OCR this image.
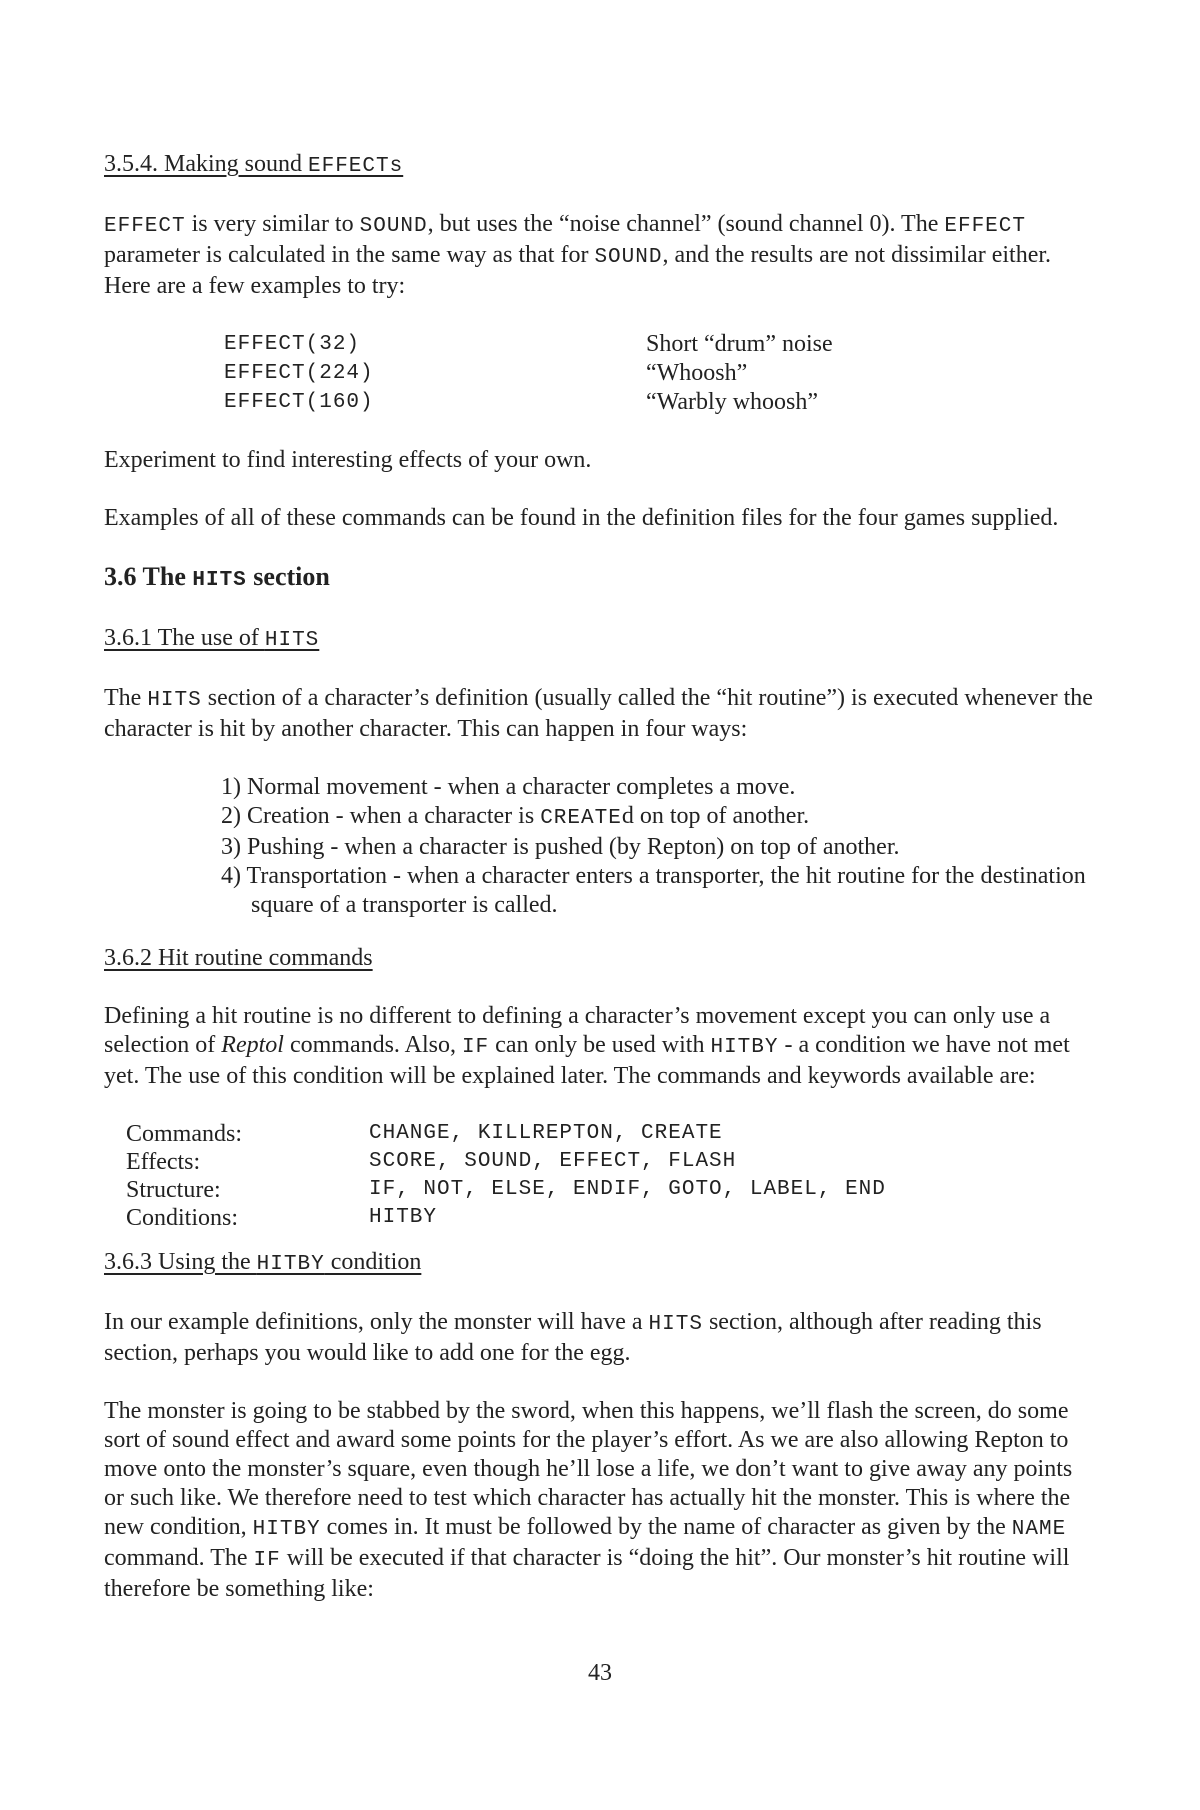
3.5.4. Making sound EFFECTs

EFFECT is very similar to SOUND, but uses the “noise channel” (sound channel 0). The EFFECT parameter is calculated in the same way as that for SOUND, and the results are not dissimilar either. Here are a few examples to try:

EFFECT(32)	Short “drum” noise
EFFECT(224)	“Whoosh”
EFFECT(160)	“Warbly whoosh”

Experiment to find interesting effects of your own.

Examples of all of these commands can be found in the definition files for the four games supplied.

3.6 The HITS section
3.6.1 The use of HITS

The HITS section of a character’s definition (usually called the “hit routine”) is executed whenever the character is hit by another character. This can happen in four ways:

1) Normal movement - when a character completes a move.
2) Creation - when a character is CREATEd on top of another.
3) Pushing - when a character is pushed (by Repton) on top of another.
4) Transportation - when a character enters a transporter, the hit routine for the destination square of a transporter is called.
3.6.2 Hit routine commands

Defining a hit routine is no different to defining a character’s movement except you can only use a selection of Reptol commands. Also, IF can only be used with HITBY - a condition we have not met yet. The use of this condition will be explained later. The commands and keywords available are:

Commands:	CHANGE, KILLREPTON, CREATE
Effects:	SCORE, SOUND, EFFECT, FLASH
Structure:	IF, NOT, ELSE, ENDIF, GOTO, LABEL, END
Conditions:	HITBY
3.6.3 Using the HITBY condition

In our example definitions, only the monster will have a HITS section, although after reading this section, perhaps you would like to add one for the egg.

The monster is going to be stabbed by the sword, when this happens, we’ll flash the screen, do some sort of sound effect and award some points for the player’s effort. As we are also allowing Repton to move onto the monster’s square, even though he’ll lose a life, we don’t want to give away any points or such like. We therefore need to test which character has actually hit the monster. This is where the new condition, HITBY comes in. It must be followed by the name of character as given by the NAME command. The IF will be executed if that character is “doing the hit”. Our monster’s hit routine will therefore be something like:

43
